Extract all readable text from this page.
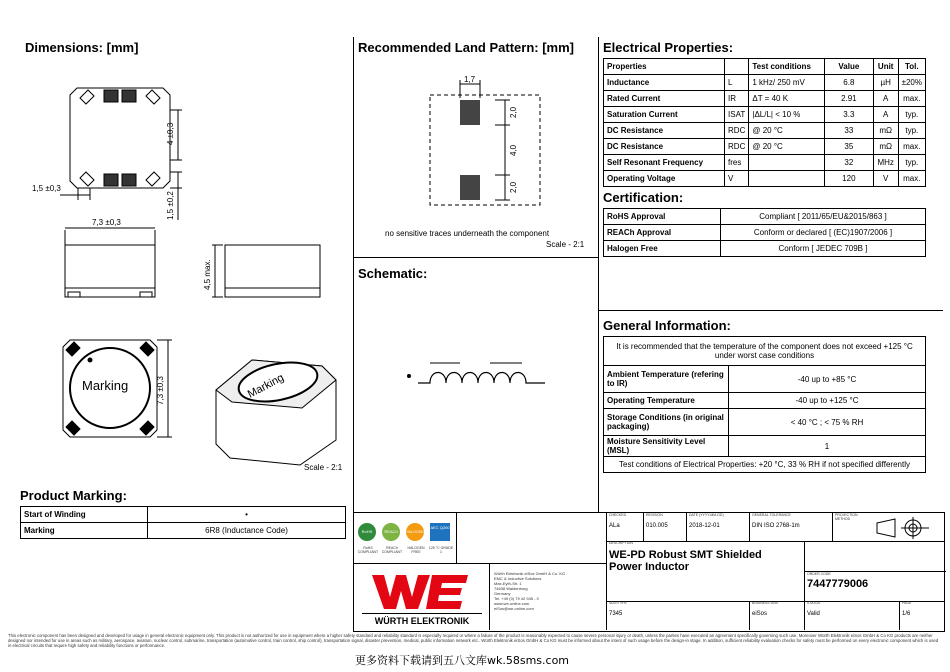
Dimensions: [mm]
1,5 ±0,3
4 ±0,3
1,5 ±0,2
7,3 ±0,3
4,5 max.
Marking	7,3 ±0,3	Marking
Scale - 2:1
Recommended Land Pattern: [mm]
1,7
2,0
4,0
2,0
no sensitive traces underneath the component
Scale - 2:1
Schematic:
Electrical Properties:
Properties		Test conditions	Value	Unit	Tol.
Inductance	L	1 kHz/ 250 mV	6.8	µH	±20%
Rated Current	IR	ΔT = 40 K	2.91	A	max.
Saturation Current	ISAT	|ΔL/L| < 10 %	3.3	A	typ.
DC Resistance	RDC	@ 20 °C	33	mΩ	typ.
DC Resistance	RDC	@ 20 °C	35	mΩ	max.
Self Resonant Frequency	fres		32	MHz	typ.
Operating Voltage	V		120	V	max.
Certification:
RoHS Approval	Compliant [ 2011/65/EU&2015/863 ]
REACh Approval	Conform or declared [ (EC)1907/2006 ]
Halogen Free	Conform [ JEDEC 709B ]
General Information:
It is recommended that the temperature of the component does not exceed +125 °C under worst case conditions	
Ambient Temperature (refering to IR)	-40 up to +85 °C
Operating Temperature	-40 up to +125 °C
Storage Conditions (in original packaging)	< 40 °C ; < 75 % RH
Moisture Sensitivity Level (MSL)	1
Test conditions of Electrical Properties: +20 °C, 33 % RH if not specified differently	
Product Marking:
Start of Winding	•
Marking	6R8 (Inductance Code)	RoHS	REACh	HALOGEN
AEC Q200
RoHS COMPLIANT
REACh COMPLIANT
HALOGEN FREE
125 °C GRADE 1
WÜRTH ELEKTRONIK
Würth Elektronik eiSos GmbH & Co. KG
EMC & Inductive Solutions
Max-Eyth-Str. 1
74638 Waldenburg
Germany
Tel. +49 (0) 79 42 945 - 0
www.we-online.com
eiSos@we-online.com
CHECKED
ALa
REVISION
010.005
DATE (YYYY-MM-DD)
2018-12-01
GENERAL TOLERANCE
DIN ISO 2768-1m
PROJECTION METHOD
DESCRIPTION
WE-PD Robust SMT Shielded
Power Inductor
ORDER CODE
7447779006
SIZE/TYPE
7345
BUSINESS UNIT
eiSos
STATUS
Valid
PAGE
1/6
This electronic component has been designed and developed for usage in general electronic equipment only. This product is not authorized for use in equipment where a higher safety standard and reliability standard is especially required or where a failure of the product is reasonably expected to cause severe personal injury or death, unless the parties have executed an agreement specifically governing such use. Moreover Würth Elektronik eiSos GmbH & Co KG products are neither designed nor intended for use in areas such as military, aerospace, aviation, nuclear control, submarine, transportation (automotive control, train control, ship control), transportation signal, disaster prevention, medical, public information network etc.. Würth Elektronik eiSos GmbH & Co KG must be informed about the intent of such usage before the design-in stage. In addition, sufficient reliability evaluation checks for safety must be performed on every electronic component which is used in electrical circuits that require high safety and reliability functions or performance.
更多资料下载请到五八文库wk.58sms.com
